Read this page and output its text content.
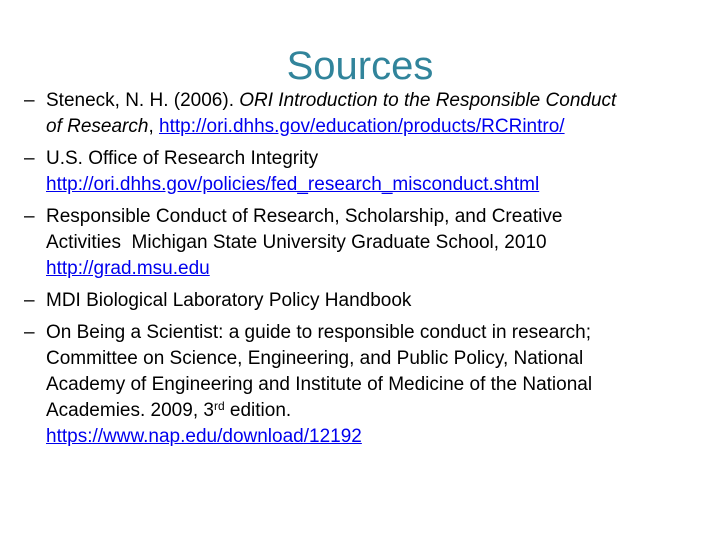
Sources
– Steneck, N. H. (2006). ORI Introduction to the Responsible Conduct
of Research, http://ori.dhhs.gov/education/products/RCRintro/
– U.S. Office of Research Integrity
http://ori.dhhs.gov/policies/fed_research_misconduct.shtml
– Responsible Conduct of Research, Scholarship, and Creative
Activities  Michigan State University Graduate School, 2010
http://grad.msu.edu
– MDI Biological Laboratory Policy Handbook
– On Being a Scientist: a guide to responsible conduct in research;
Committee on Science, Engineering, and Public Policy, National
Academy of Engineering and Institute of Medicine of the National
Academies. 2009, 3rd edition.
https://www.nap.edu/download/12192
